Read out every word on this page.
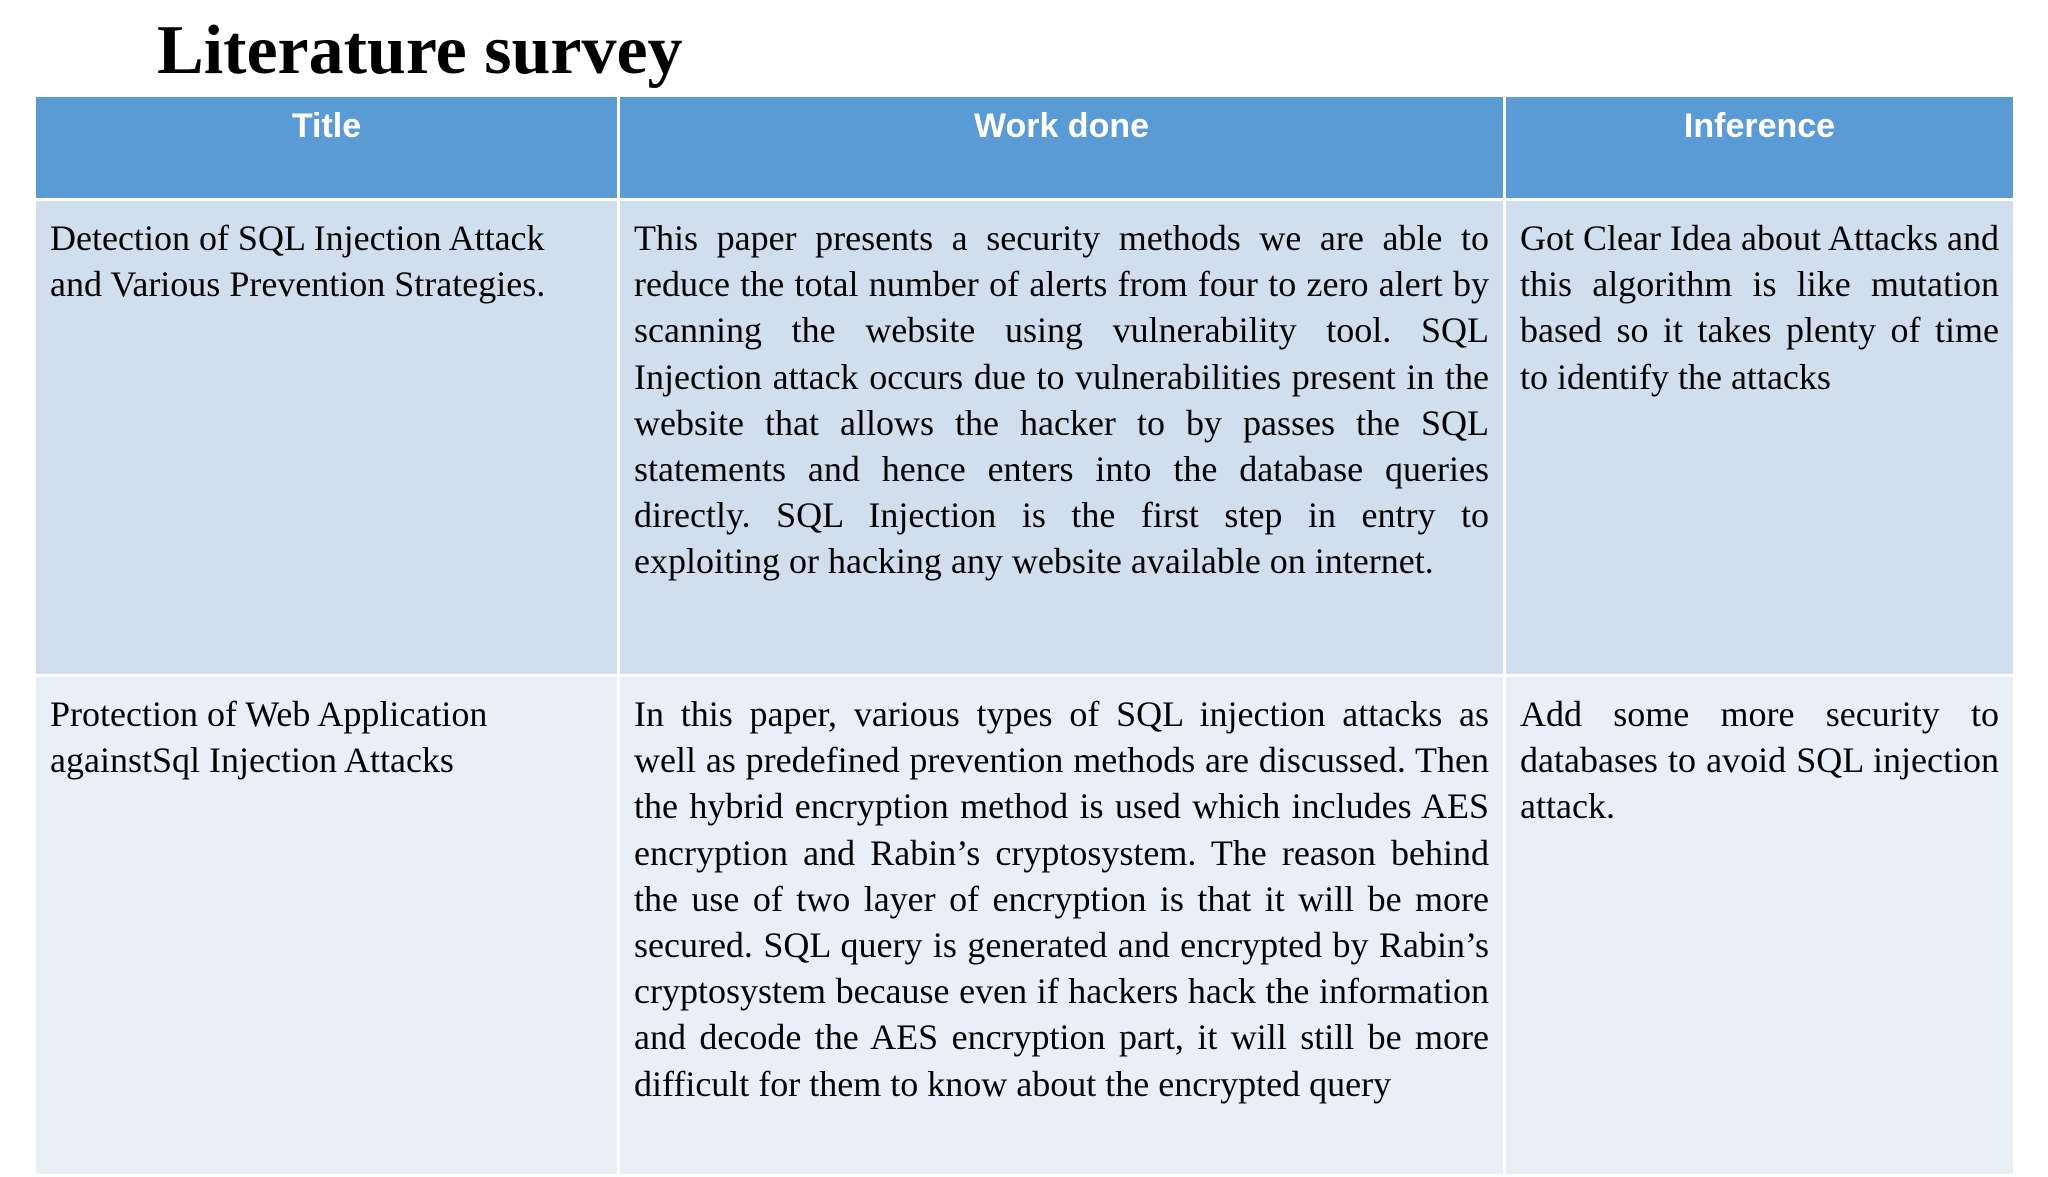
Literature survey
Title	Work done	Inference
Detection of SQL Injection Attack and Various Prevention Strategies.	This paper presents a security methods we are able to reduce the total number of alerts from four to zero alert by scanning the website using vulnerability tool. SQL Injection attack occurs due to vulnerabilities present in the website that allows the hacker to by passes the SQL statements and hence enters into the database queries directly. SQL Injection is the first step in entry to exploiting or hacking any website available on internet.	Got Clear Idea about Attacks and this algorithm is like mutation based so it takes plenty of time to identify the attacks
Protection of Web Application againstSql Injection Attacks	In this paper, various types of SQL injection attacks as well as predefined prevention methods are discussed. Then the hybrid encryption method is used which includes AES encryption and Rabin’s cryptosystem. The reason behind the use of two layer of encryption is that it will be more secured. SQL query is generated and encrypted by Rabin’s cryptosystem because even if hackers hack the information and decode the AES encryption part, it will still be more difficult for them to know about the encrypted query	Add some more security to databases to avoid SQL injection attack.
